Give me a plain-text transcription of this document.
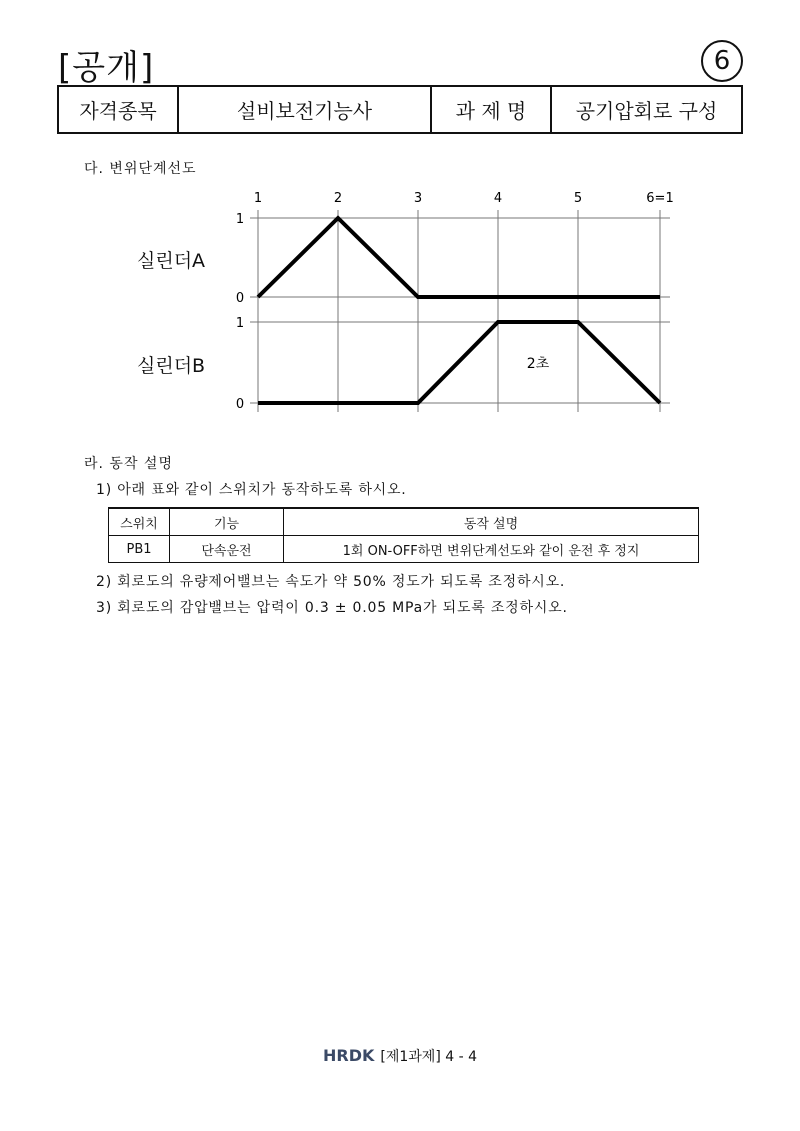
[공개]	6
자격종목	설비보전기능사	과 제 명	공기압회로 구성
다. 변위단계선도
실린더A
실린더B
1	2	3	4	5	6=1
1
0
1
0
2초
라. 동작 설명
1) 아래 표와 같이 스위치가 동작하도록 하시오.
스위치	기능	동작 설명
PB1	단속운전	1회 ON-OFF하면 변위단계선도와 같이 운전 후 정지
2) 회로도의 유량제어밸브는 속도가 약 50% 정도가 되도록 조정하시오.
3) 회로도의 감압밸브는 압력이 0.3 ± 0.05 MPa가 되도록 조정하시오.
HRDK [제1과제] 4 - 4
